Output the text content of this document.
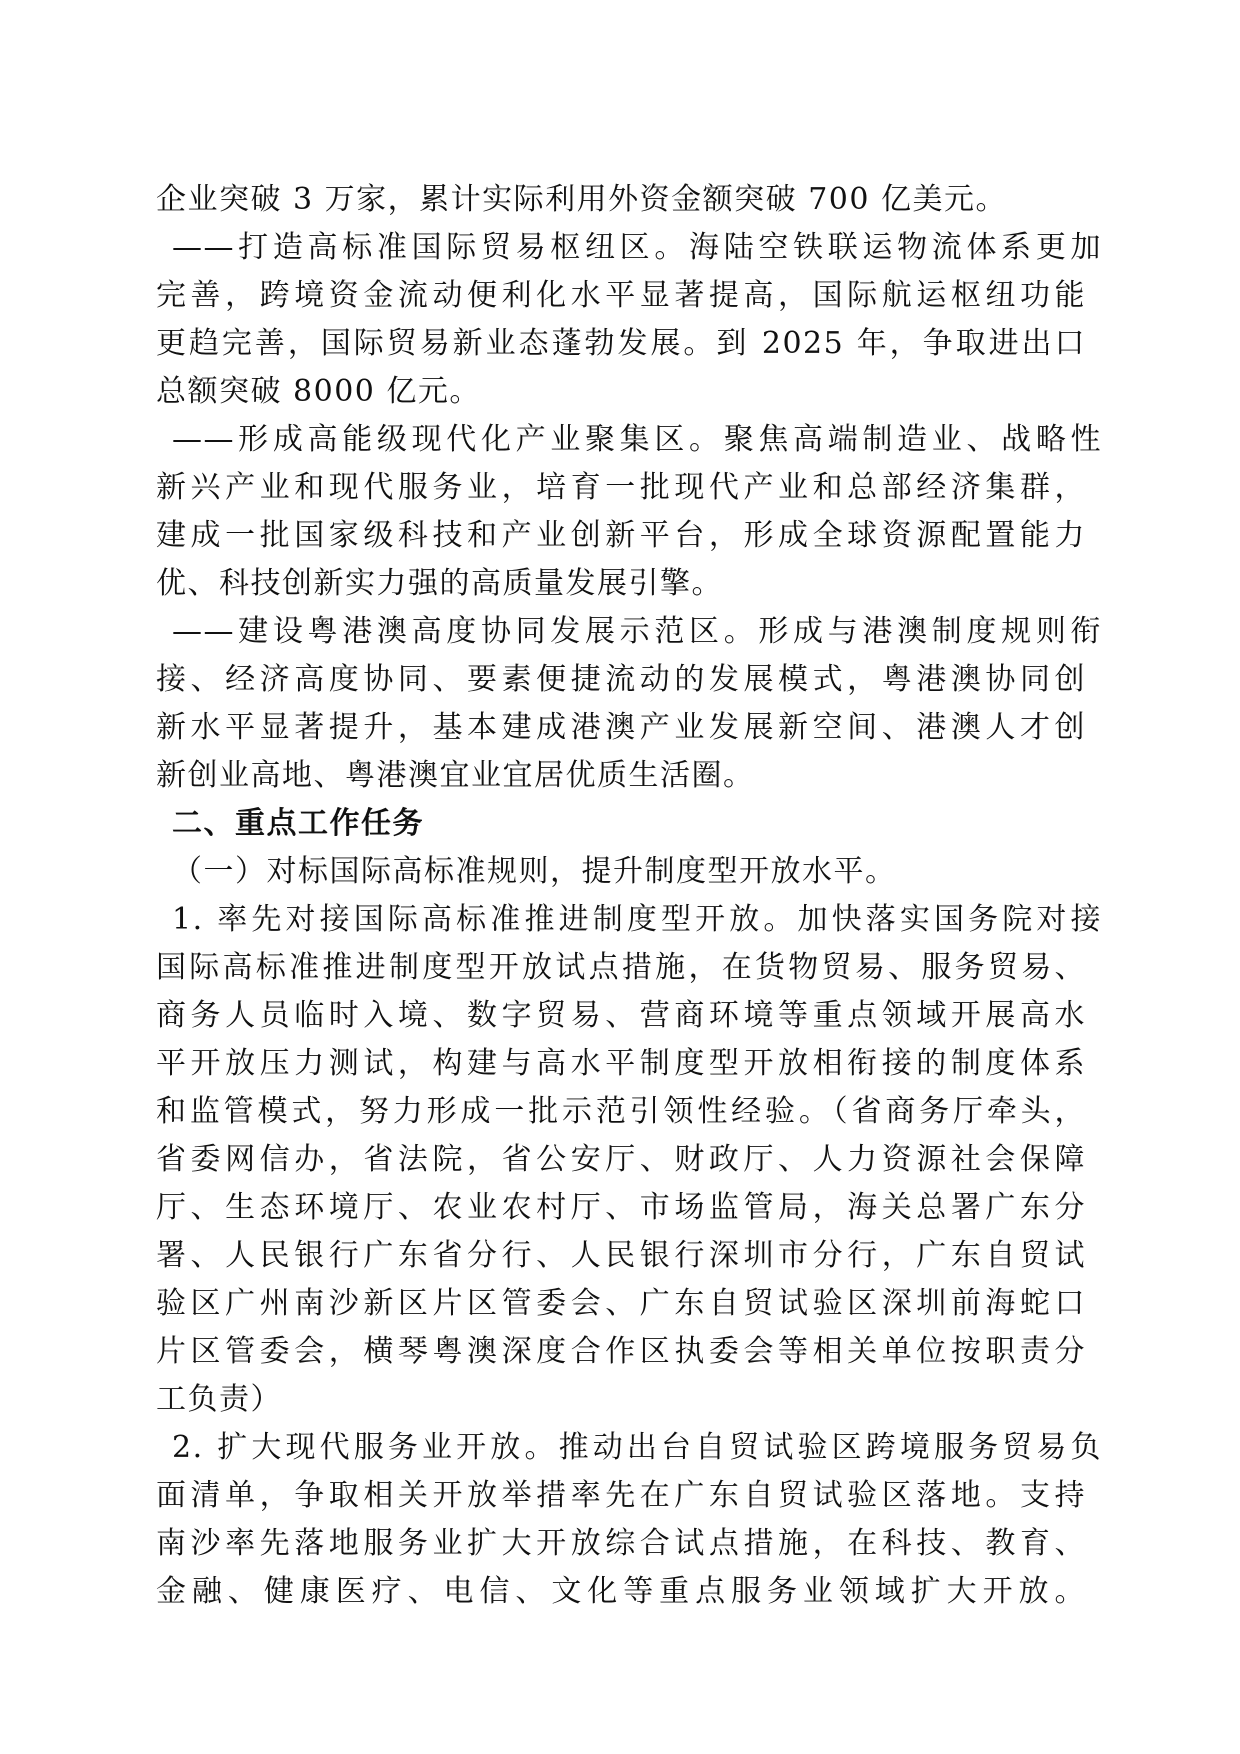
企业突破 3 万家，累计实际利用外资金额突破 700 亿美元。
——打造高标准国际贸易枢纽区。海陆空铁联运物流体系更加
完善，跨境资金流动便利化水平显著提高，国际航运枢纽功能
更趋完善，国际贸易新业态蓬勃发展。到 2025 年，争取进出口
总额突破 8000 亿元。
——形成高能级现代化产业聚集区。聚焦高端制造业、战略性
新兴产业和现代服务业，培育一批现代产业和总部经济集群，
建成一批国家级科技和产业创新平台，形成全球资源配置能力
优、科技创新实力强的高质量发展引擎。
——建设粤港澳高度协同发展示范区。形成与港澳制度规则衔
接、经济高度协同、要素便捷流动的发展模式，粤港澳协同创
新水平显著提升，基本建成港澳产业发展新空间、港澳人才创
新创业高地、粤港澳宜业宜居优质生活圈。
二、重点工作任务
（一）对标国际高标准规则，提升制度型开放水平。
1. 率先对接国际高标准推进制度型开放。加快落实国务院对接
国际高标准推进制度型开放试点措施，在货物贸易、服务贸易、
商务人员临时入境、数字贸易、营商环境等重点领域开展高水
平开放压力测试，构建与高水平制度型开放相衔接的制度体系
和监管模式，努力形成一批示范引领性经验。（省商务厅牵头，
省委网信办，省法院，省公安厅、财政厅、人力资源社会保障
厅、生态环境厅、农业农村厅、市场监管局，海关总署广东分
署、人民银行广东省分行、人民银行深圳市分行，广东自贸试
验区广州南沙新区片区管委会、广东自贸试验区深圳前海蛇口
片区管委会，横琴粤澳深度合作区执委会等相关单位按职责分
工负责）
2. 扩大现代服务业开放。推动出台自贸试验区跨境服务贸易负
面清单，争取相关开放举措率先在广东自贸试验区落地。支持
南沙率先落地服务业扩大开放综合试点措施，在科技、教育、
金融、健康医疗、电信、文化等重点服务业领域扩大开放。
